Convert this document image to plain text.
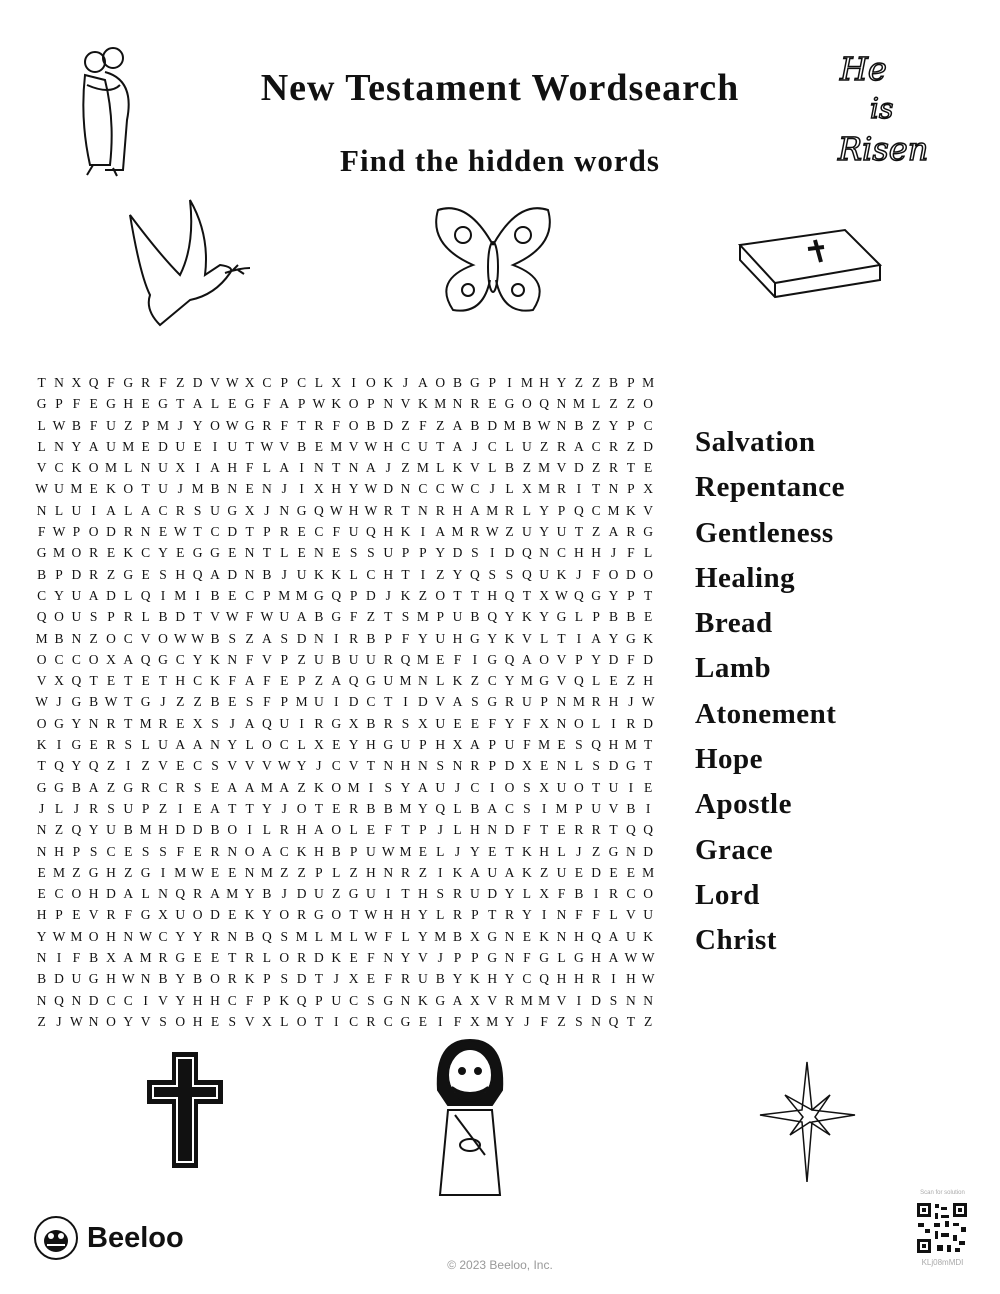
New Testament Wordsearch
Find the hidden words
He
is
Risen
T N X Q F G R F Z D V W X C P C L X I O K J A O B G P I M H Y Z Z B P M
G P F E G H E G T A L E G F A P W K O P N V K M N R E G O Q N M L Z Z O
L W B F U Z P M J Y O W G R F T R F O B D Z F Z A B D M B W N B Z Y P C
L N Y A U M E D U E I U T W V B E M V W H C U T A J C L U Z R A C R Z D
V C K O M L N U X I A H F L A I N T N A J Z M L K V L B Z M V D Z R T E
W U M E K O T U J M B N E N J I X H Y W D N C C W C J L X M R I T N P X
N L U I A L A C R S U G X J N G Q W H W R T N R H A M R L Y P Q C M K V
F W P O D R N E W T C D T P R E C F U Q H K I A M R W Z U Y U T Z A R G
G M O R E K C Y E G G E N T L E N E S S U P P Y D S I D Q N C H H J F L
B P D R Z G E S H Q A D N B J U K K L C H T I Z Y Q S S Q U K J F O D O
C Y U A D L Q I M I B E C P M M G Q P D J K Z O T T H Q T X W Q G Y P T
Q O U S P R L B D T V W F W U A B G F Z T S M P U B Q Y K Y G L P B B E
M B N Z O C V O W W B S Z A S D N I R B P F Y U H G Y K V L T I A Y G K
O C C O X A Q G C Y K N F V P Z U B U U R Q M E F I G Q A O V P Y D F D
V X Q T E T E T H C K F A F E P Z A Q G U M N L K Z C Y M G V Q L E Z H
W J G B W T G J Z Z B E S F P M U I D C T I D V A S G R U P N M R H J W
O G Y N R T M R E X S J A Q U I R G X B R S X U E E F Y F X N O L I R D
K I G E R S L U A A N Y L O C L X E Y H G U P H X A P U F M E S Q H M T
T Q Y Q Z I Z V E C S V V V W Y J C V T N H N S N R P D X E N L S D G T
G G B A Z G R C R S E A A M A Z K O M I S Y A U J C I O S X U O T U I E
J L J R S U P Z I E A T T Y J O T E R B B M Y Q L B A C S I M P U V B I
N Z Q Y U B M H D D B O I L R H A O L E F T P J L H N D F T E R R T Q Q
N H P S C E S S F E R N O A C K H B P U W M E L J Y E T K H L J Z G N D
E M Z G H Z G I M W E E N M Z Z P L Z H N R Z I K A U A K Z U E D E E M
E C O H D A L N Q R A M Y B J D U Z G U I T H S R U D Y L X F B I R C O
H P E V R F G X U O D E K Y O R G O T W H H Y L R P T R Y I N F F L V U
Y W M O H N W C Y Y R N B Q S M L M L W F L Y M B X G N E K N H Q A U K
N I F B X A M R G E E T R L O R D K E F N Y V J P P G N F G L G H A W W
B D U G H W N B Y B O R K P S D T J X E F R U B Y K H Y C Q H H R I H W
N Q N D C C I V Y H H C F P K Q P U C S G N K G A X V R M M V I D S N N
Z J W N O Y V S O H E S V X L O T I C R C G E I F X M Y J F Z S N Q T Z
Salvation
Repentance
Gentleness
Healing
Bread
Lamb
Atonement
Hope
Apostle
Grace
Lord
Christ
Beeloo
© 2023 Beeloo, Inc.
Scan for solution
KLj08mMDI
